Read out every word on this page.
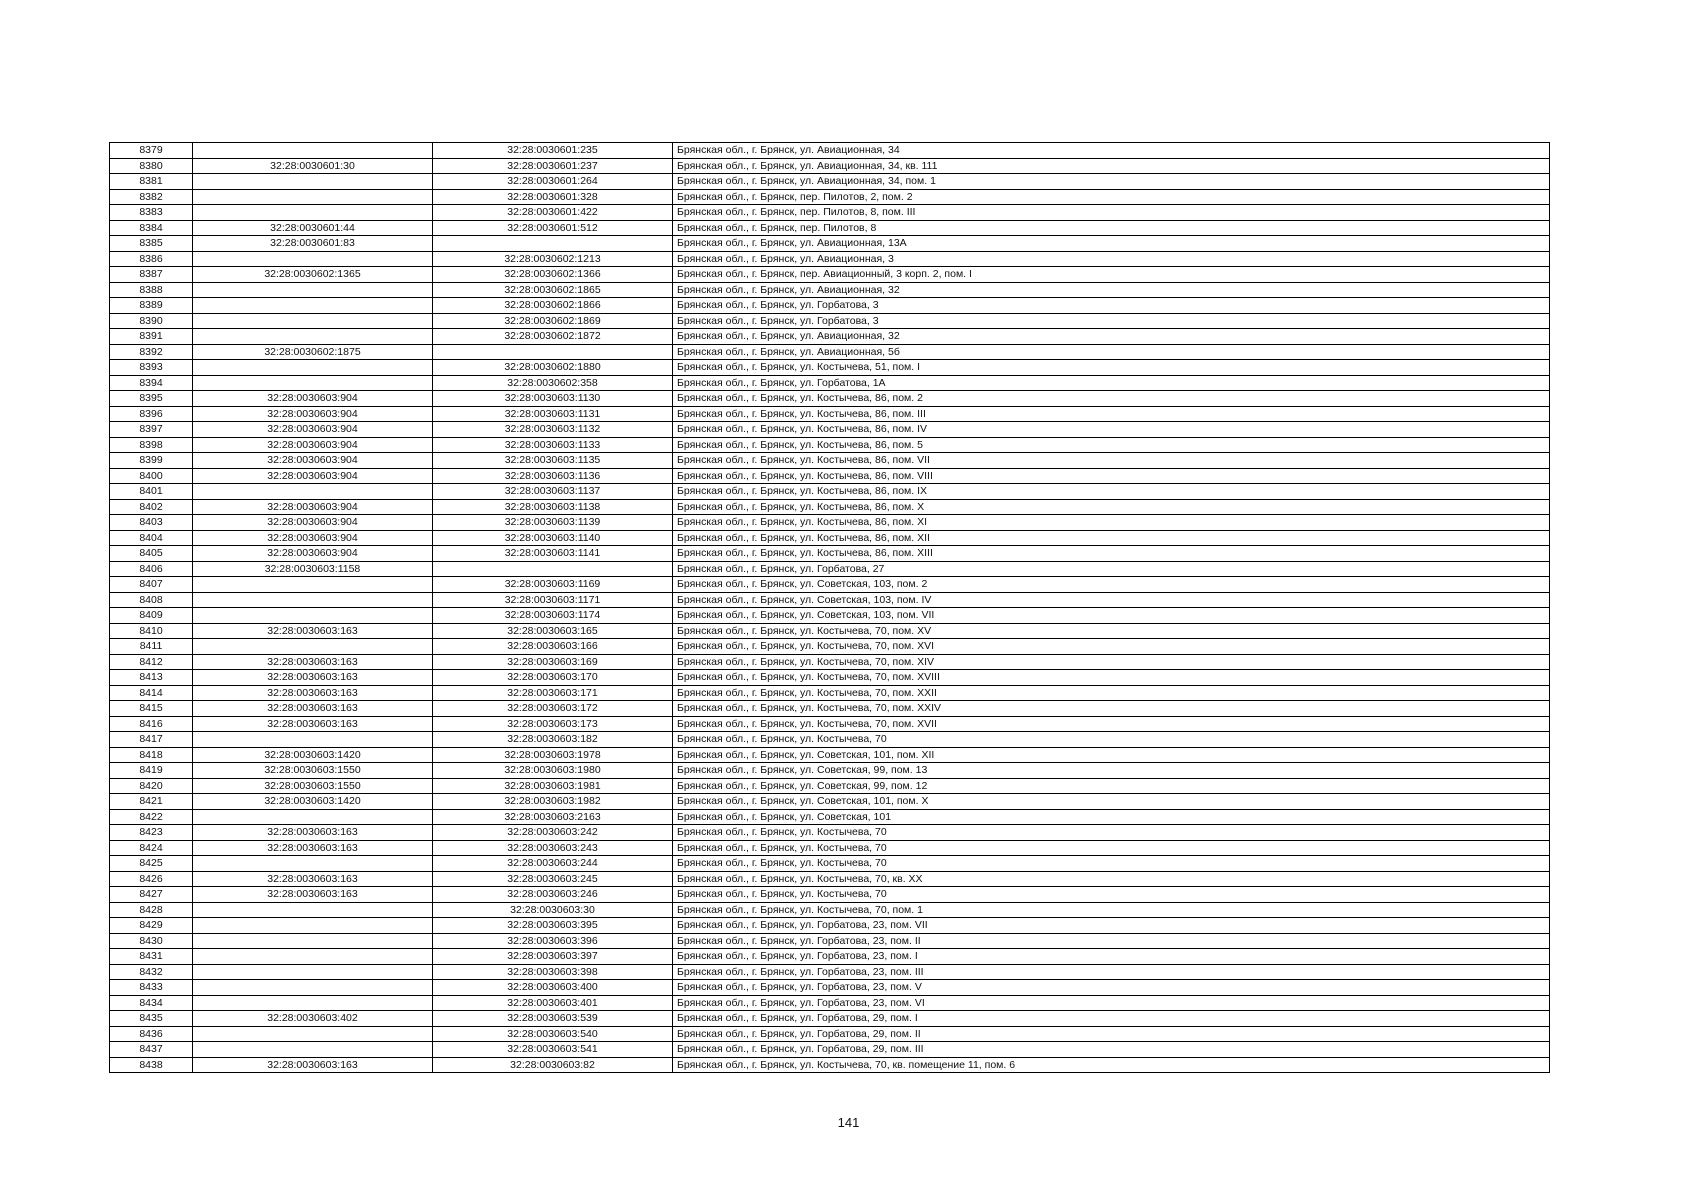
8379		32:28:0030601:235	Брянская обл., г. Брянск, ул. Авиационная, 34
8380	32:28:0030601:30	32:28:0030601:237	Брянская обл., г. Брянск, ул. Авиационная, 34, кв. 111
8381		32:28:0030601:264	Брянская обл., г. Брянск, ул. Авиационная, 34, пом. 1
8382		32:28:0030601:328	Брянская обл., г. Брянск, пер. Пилотов, 2, пом. 2
8383		32:28:0030601:422	Брянская обл., г. Брянск, пер. Пилотов, 8, пом. III
8384	32:28:0030601:44	32:28:0030601:512	Брянская обл., г. Брянск, пер. Пилотов, 8
8385	32:28:0030601:83		Брянская обл., г. Брянск, ул. Авиационная, 13А
8386		32:28:0030602:1213	Брянская обл., г. Брянск, ул. Авиационная, 3
8387	32:28:0030602:1365	32:28:0030602:1366	Брянская обл., г. Брянск, пер. Авиационный, 3 корп. 2, пом. I
8388		32:28:0030602:1865	Брянская обл., г. Брянск, ул. Авиационная, 32
8389		32:28:0030602:1866	Брянская обл., г. Брянск, ул. Горбатова, 3
8390		32:28:0030602:1869	Брянская обл., г. Брянск, ул. Горбатова, 3
8391		32:28:0030602:1872	Брянская обл., г. Брянск, ул. Авиационная, 32
8392	32:28:0030602:1875		Брянская обл., г. Брянск, ул. Авиационная, 5б
8393		32:28:0030602:1880	Брянская обл., г. Брянск, ул. Костычева, 51, пом. I
8394		32:28:0030602:358	Брянская обл., г. Брянск, ул. Горбатова, 1А
8395	32:28:0030603:904	32:28:0030603:1130	Брянская обл., г. Брянск, ул. Костычева, 86, пом. 2
8396	32:28:0030603:904	32:28:0030603:1131	Брянская обл., г. Брянск, ул. Костычева, 86, пом. III
8397	32:28:0030603:904	32:28:0030603:1132	Брянская обл., г. Брянск, ул. Костычева, 86, пом. IV
8398	32:28:0030603:904	32:28:0030603:1133	Брянская обл., г. Брянск, ул. Костычева, 86, пом. 5
8399	32:28:0030603:904	32:28:0030603:1135	Брянская обл., г. Брянск, ул. Костычева, 86, пом. VII
8400	32:28:0030603:904	32:28:0030603:1136	Брянская обл., г. Брянск, ул. Костычева, 86, пом. VIII
8401		32:28:0030603:1137	Брянская обл., г. Брянск, ул. Костычева, 86, пом. IX
8402	32:28:0030603:904	32:28:0030603:1138	Брянская обл., г. Брянск, ул. Костычева, 86, пом. X
8403	32:28:0030603:904	32:28:0030603:1139	Брянская обл., г. Брянск, ул. Костычева, 86, пом. XI
8404	32:28:0030603:904	32:28:0030603:1140	Брянская обл., г. Брянск, ул. Костычева, 86, пом. XII
8405	32:28:0030603:904	32:28:0030603:1141	Брянская обл., г. Брянск, ул. Костычева, 86, пом. XIII
8406	32:28:0030603:1158		Брянская обл., г. Брянск, ул. Горбатова, 27
8407		32:28:0030603:1169	Брянская обл., г. Брянск, ул. Советская, 103, пом. 2
8408		32:28:0030603:1171	Брянская обл., г. Брянск, ул. Советская, 103, пом. IV
8409		32:28:0030603:1174	Брянская обл., г. Брянск, ул. Советская, 103, пом. VII
8410	32:28:0030603:163	32:28:0030603:165	Брянская обл., г. Брянск, ул. Костычева, 70, пом. XV
8411		32:28:0030603:166	Брянская обл., г. Брянск, ул. Костычева, 70, пом. XVI
8412	32:28:0030603:163	32:28:0030603:169	Брянская обл., г. Брянск, ул. Костычева, 70, пом. XIV
8413	32:28:0030603:163	32:28:0030603:170	Брянская обл., г. Брянск, ул. Костычева, 70, пом. XVIII
8414	32:28:0030603:163	32:28:0030603:171	Брянская обл., г. Брянск, ул. Костычева, 70, пом. XXII
8415	32:28:0030603:163	32:28:0030603:172	Брянская обл., г. Брянск, ул. Костычева, 70, пом. XXIV
8416	32:28:0030603:163	32:28:0030603:173	Брянская обл., г. Брянск, ул. Костычева, 70, пом. XVII
8417		32:28:0030603:182	Брянская обл., г. Брянск, ул. Костычева, 70
8418	32:28:0030603:1420	32:28:0030603:1978	Брянская обл., г. Брянск, ул. Советская, 101, пом. XII
8419	32:28:0030603:1550	32:28:0030603:1980	Брянская обл., г. Брянск, ул. Советская, 99, пом. 13
8420	32:28:0030603:1550	32:28:0030603:1981	Брянская обл., г. Брянск, ул. Советская, 99, пом. 12
8421	32:28:0030603:1420	32:28:0030603:1982	Брянская обл., г. Брянск, ул. Советская, 101, пом. X
8422		32:28:0030603:2163	Брянская обл., г. Брянск, ул. Советская, 101
8423	32:28:0030603:163	32:28:0030603:242	Брянская обл., г. Брянск, ул. Костычева, 70
8424	32:28:0030603:163	32:28:0030603:243	Брянская обл., г. Брянск, ул. Костычева, 70
8425		32:28:0030603:244	Брянская обл., г. Брянск, ул. Костычева, 70
8426	32:28:0030603:163	32:28:0030603:245	Брянская обл., г. Брянск, ул. Костычева, 70, кв. XX
8427	32:28:0030603:163	32:28:0030603:246	Брянская обл., г. Брянск, ул. Костычева, 70
8428		32:28:0030603:30	Брянская обл., г. Брянск, ул. Костычева, 70, пом. 1
8429		32:28:0030603:395	Брянская обл., г. Брянск, ул. Горбатова, 23, пом. VII
8430		32:28:0030603:396	Брянская обл., г. Брянск, ул. Горбатова, 23, пом. II
8431		32:28:0030603:397	Брянская обл., г. Брянск, ул. Горбатова, 23, пом. I
8432		32:28:0030603:398	Брянская обл., г. Брянск, ул. Горбатова, 23, пом. III
8433		32:28:0030603:400	Брянская обл., г. Брянск, ул. Горбатова, 23, пом. V
8434		32:28:0030603:401	Брянская обл., г. Брянск, ул. Горбатова, 23, пом. VI
8435	32:28:0030603:402	32:28:0030603:539	Брянская обл., г. Брянск, ул. Горбатова, 29, пом. I
8436		32:28:0030603:540	Брянская обл., г. Брянск, ул. Горбатова, 29, пом. II
8437		32:28:0030603:541	Брянская обл., г. Брянск, ул. Горбатова, 29, пом. III
8438	32:28:0030603:163	32:28:0030603:82	Брянская обл., г. Брянск, ул. Костычева, 70, кв. помещение 11, пом. 6
141
